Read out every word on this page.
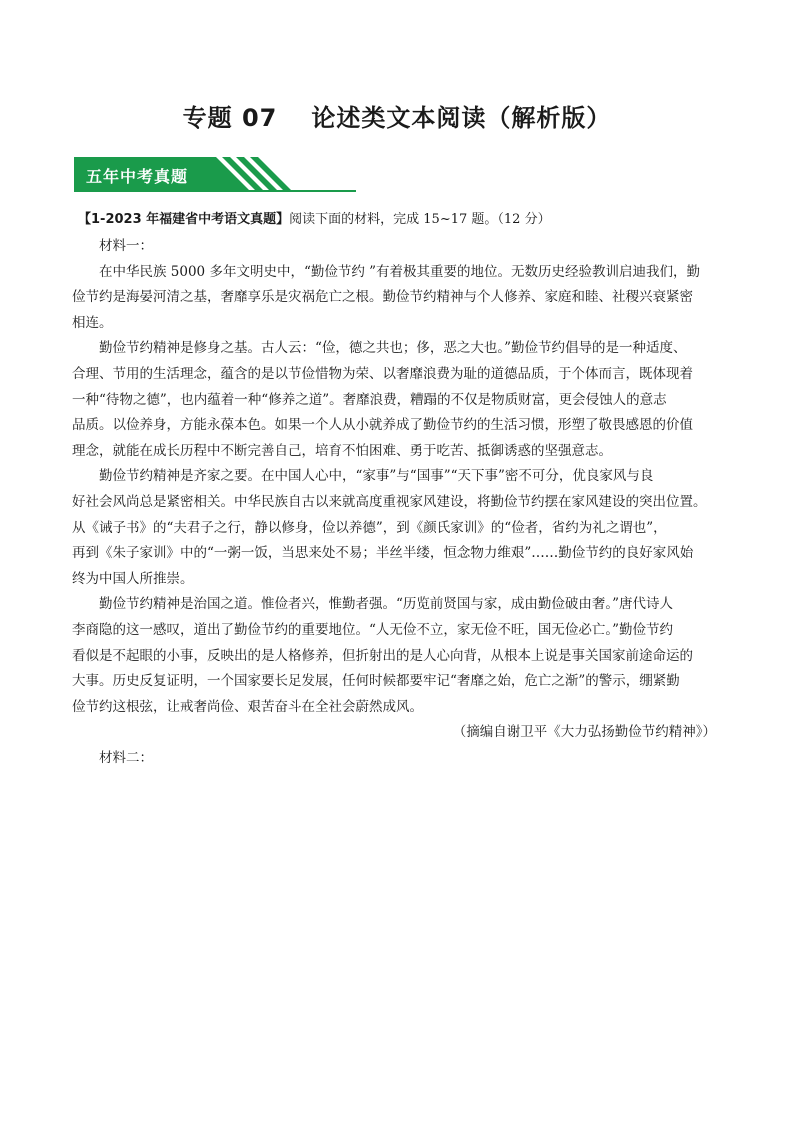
专题 07 论述类文本阅读（解析版）
五年中考真题
【1-2023 年福建省中考语文真题】阅读下面的材料，完成 15~17 题。（12 分）
材料一：
在中华民族 5000 多年文明史中，“勤俭节约 ”有着极其重要的地位。无数历史经验教训启迪我们，勤
俭节约是海晏河清之基，奢靡享乐是灾祸危亡之根。勤俭节约精神与个人修养、家庭和睦、社稷兴衰紧密
相连。
勤俭节约精神是修身之基。古人云：“俭，德之共也；侈，恶之大也。”勤俭节约倡导的是一种适度、
合理、节用的生活理念，蕴含的是以节俭惜物为荣、以奢靡浪费为耻的道德品质，于个体而言，既体现着
一种“待物之德”，也内蕴着一种“修养之道”。奢靡浪费，糟蹋的不仅是物质财富，更会侵蚀人的意志
品质。以俭养身，方能永葆本色。如果一个人从小就养成了勤俭节约的生活习惯，形塑了敬畏感恩的价值
理念，就能在成长历程中不断完善自己，培育不怕困难、勇于吃苦、抵御诱惑的坚强意志。
勤俭节约精神是齐家之要。在中国人心中，“家事”与“国事”“天下事”密不可分，优良家风与良
好社会风尚总是紧密相关。中华民族自古以来就高度重视家风建设，将勤俭节约摆在家风建设的突出位置。
从《诫子书》的“夫君子之行，静以修身，俭以养德”，到《颜氏家训》的“俭者，省约为礼之谓也”，
再到《朱子家训》中的“一粥一饭，当思来处不易；半丝半缕，恒念物力维艰”……勤俭节约的良好家风始
终为中国人所推崇。
勤俭节约精神是治国之道。惟俭者兴，惟勤者强。“历览前贤国与家，成由勤俭破由奢。”唐代诗人
李商隐的这一感叹，道出了勤俭节约的重要地位。“人无俭不立，家无俭不旺，国无俭必亡。”勤俭节约
看似是不起眼的小事，反映出的是人格修养，但折射出的是人心向背，从根本上说是事关国家前途命运的
大事。历史反复证明，一个国家要长足发展，任何时候都要牢记“奢靡之始，危亡之渐”的警示，绷紧勤
俭节约这根弦，让戒奢尚俭、艰苦奋斗在全社会蔚然成风。
（摘编自谢卫平《大力弘扬勤俭节约精神》）
材料二：
